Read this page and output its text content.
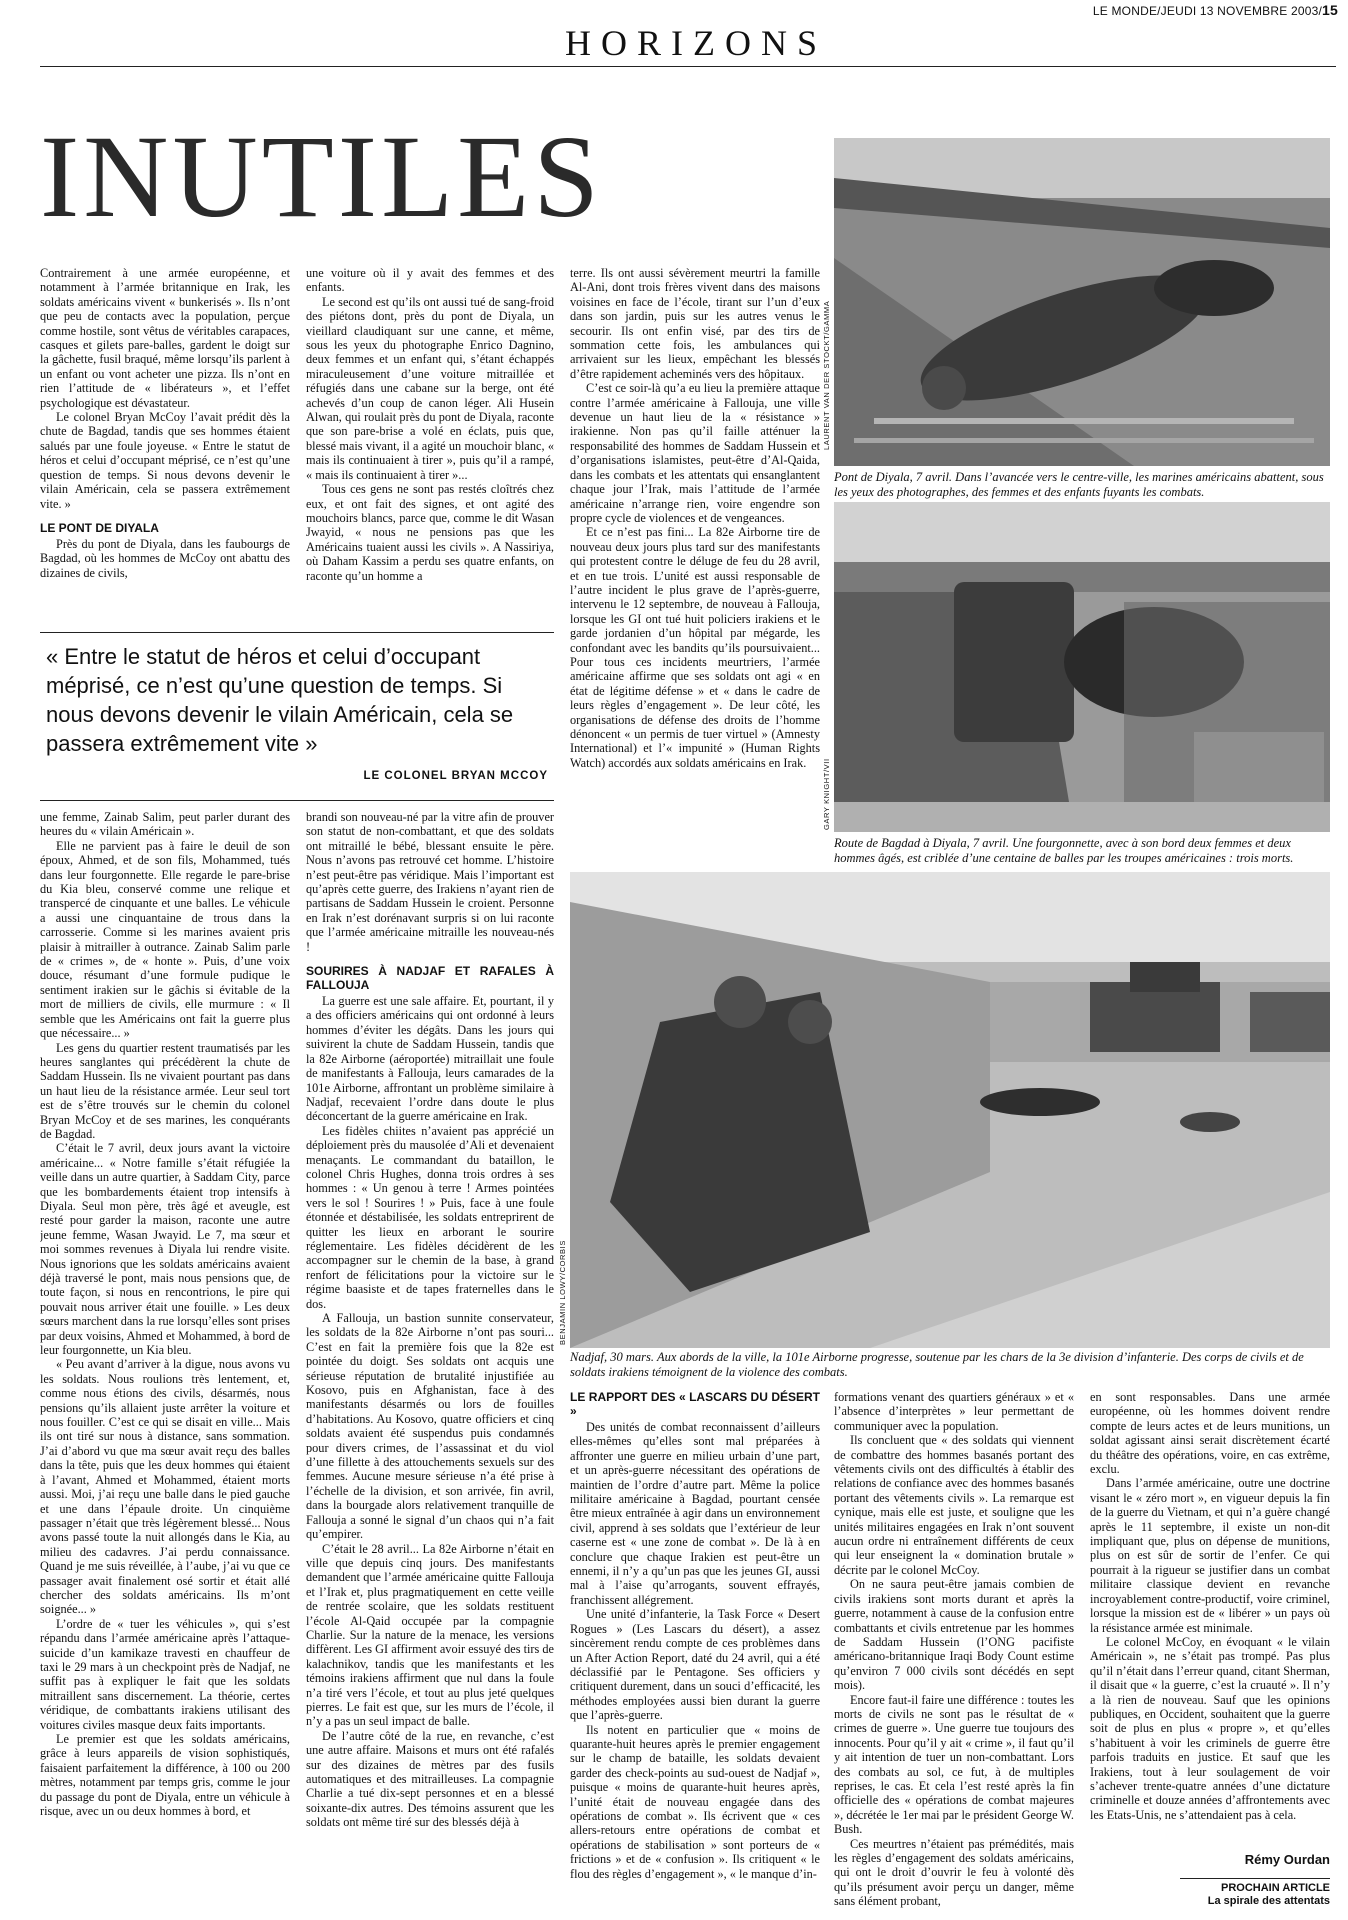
LE MONDE/JEUDI 13 NOVEMBRE 2003/15
HORIZONS
INUTILES

Contrairement à une armée européenne, et notamment à l’armée britannique en Irak, les soldats américains vivent « bunkerisés ». Ils n’ont que peu de contacts avec la population, perçue comme hostile, sont vêtus de véritables carapaces, casques et gilets pare-balles, gardent le doigt sur la gâchette, fusil braqué, même lorsqu’ils parlent à un enfant ou vont acheter une pizza. Ils n’ont en rien l’attitude de « libérateurs », et l’effet psychologique est dévastateur.

Le colonel Bryan McCoy l’avait prédit dès la chute de Bagdad, tandis que ses hommes étaient salués par une foule joyeuse. « Entre le statut de héros et celui d’occupant méprisé, ce n’est qu’une question de temps. Si nous devons devenir le vilain Américain, cela se passera extrêmement vite. »

LE PONT DE DIYALA

Près du pont de Diyala, dans les faubourgs de Bagdad, où les hommes de McCoy ont abattu des dizaines de civils,

une voiture où il y avait des femmes et des enfants.

Le second est qu’ils ont aussi tué de sang-froid des piétons dont, près du pont de Diyala, un vieillard claudiquant sur une canne, et même, sous les yeux du photographe Enrico Dagnino, deux femmes et un enfant qui, s’étant échappés miraculeusement d’une voiture mitraillée et réfugiés dans une cabane sur la berge, ont été achevés d’un coup de canon léger. Ali Husein Alwan, qui roulait près du pont de Diyala, raconte que son pare-brise a volé en éclats, puis que, blessé mais vivant, il a agité un mouchoir blanc, « mais ils continuaient à tirer », puis qu’il a rampé, « mais ils continuaient à tirer »...

Tous ces gens ne sont pas restés cloîtrés chez eux, et ont fait des signes, et ont agité des mouchoirs blancs, parce que, comme le dit Wasan Jwayid, « nous ne pensions pas que les Américains tuaient aussi les civils ». A Nassiriya, où Daham Kassim a perdu ses quatre enfants, on raconte qu’un homme a

terre. Ils ont aussi sévèrement meurtri la famille Al-Ani, dont trois frères vivent dans des maisons voisines en face de l’école, tirant sur l’un d’eux dans son jardin, puis sur les autres venus le secourir. Ils ont enfin visé, par des tirs de sommation cette fois, les ambulances qui arrivaient sur les lieux, empêchant les blessés d’être rapidement acheminés vers des hôpitaux.

C’est ce soir-là qu’a eu lieu la première attaque contre l’armée américaine à Fallouja, une ville devenue un haut lieu de la « résistance » irakienne. Non pas qu’il faille atténuer la responsabilité des hommes de Saddam Hussein et d’organisations islamistes, peut-être d’Al-Qaida, dans les combats et les attentats qui ensanglantent chaque jour l’Irak, mais l’attitude de l’armée américaine n’arrange rien, voire engendre son propre cycle de violences et de vengeances.

Et ce n’est pas fini... La 82e Airborne tire de nouveau deux jours plus tard sur des manifestants qui protestent contre le déluge de feu du 28 avril, et en tue trois. L’unité est aussi responsable de l’autre incident le plus grave de l’après-guerre, intervenu le 12 septembre, de nouveau à Fallouja, lorsque les GI ont tué huit policiers irakiens et le garde jordanien d’un hôpital par mégarde, les confondant avec les bandits qu’ils poursuivaient... Pour tous ces incidents meurtriers, l’armée américaine affirme que ses soldats ont agi « en état de légitime défense » et « dans le cadre de leurs règles d’engagement ». De leur côté, les organisations de défense des droits de l’homme dénoncent « un permis de tuer virtuel » (Amnesty International) et l’« impunité » (Human Rights Watch) accordés aux soldats américains en Irak.

« Entre le statut de héros et celui d’occupant méprisé, ce n’est qu’une question de temps. Si nous devons devenir le vilain Américain, cela se passera extrêmement vite »
LE COLONEL BRYAN MCCOY
LAURENT VAN DER STOCKT/GAMMA
Pont de Diyala, 7 avril. Dans l’avancée vers le centre-ville, les marines américains abattent, sous les yeux des photographes, des femmes et des enfants fuyants les combats.
GARY KNIGHT/VII
Route de Bagdad à Diyala, 7 avril. Une fourgonnette, avec à son bord deux femmes et deux hommes âgés, est criblée d’une centaine de balles par les troupes américaines : trois morts.
BENJAMIN LOWY/CORBIS
Nadjaf, 30 mars. Aux abords de la ville, la 101e Airborne progresse, soutenue par les chars de la 3e division d’infanterie. Des corps de civils et de soldats irakiens témoignent de la violence des combats.

une femme, Zainab Salim, peut parler durant des heures du « vilain Américain ».

Elle ne parvient pas à faire le deuil de son époux, Ahmed, et de son fils, Mohammed, tués dans leur fourgonnette. Elle regarde le pare-brise du Kia bleu, conservé comme une relique et transpercé de cinquante et une balles. Le véhicule a aussi une cinquantaine de trous dans la carrosserie. Comme si les marines avaient pris plaisir à mitrailler à outrance. Zainab Salim parle de « crimes », de « honte ». Puis, d’une voix douce, résumant d’une formule pudique le sentiment irakien sur le gâchis si évitable de la mort de milliers de civils, elle murmure : « Il semble que les Américains ont fait la guerre plus que nécessaire... »

Les gens du quartier restent traumatisés par les heures sanglantes qui précédèrent la chute de Saddam Hussein. Ils ne vivaient pourtant pas dans un haut lieu de la résistance armée. Leur seul tort est de s’être trouvés sur le chemin du colonel Bryan McCoy et de ses marines, les conquérants de Bagdad.

C’était le 7 avril, deux jours avant la victoire américaine... « Notre famille s’était réfugiée la veille dans un autre quartier, à Saddam City, parce que les bombardements étaient trop intensifs à Diyala. Seul mon père, très âgé et aveugle, est resté pour garder la maison, raconte une autre jeune femme, Wasan Jwayid. Le 7, ma sœur et moi sommes revenues à Diyala lui rendre visite. Nous ignorions que les soldats américains avaient déjà traversé le pont, mais nous pensions que, de toute façon, si nous en rencontrions, le pire qui pouvait nous arriver était une fouille. » Les deux sœurs marchent dans la rue lorsqu’elles sont prises par deux voisins, Ahmed et Mohammed, à bord de leur fourgonnette, un Kia bleu.

« Peu avant d’arriver à la digue, nous avons vu les soldats. Nous roulions très lentement, et, comme nous étions des civils, désarmés, nous pensions qu’ils allaient juste arrêter la voiture et nous fouiller. C’est ce qui se disait en ville... Mais ils ont tiré sur nous à distance, sans sommation. J’ai d’abord vu que ma sœur avait reçu des balles dans la tête, puis que les deux hommes qui étaient à l’avant, Ahmed et Mohammed, étaient morts aussi. Moi, j’ai reçu une balle dans le pied gauche et une dans l’épaule droite. Un cinquième passager n’était que très légèrement blessé... Nous avons passé toute la nuit allongés dans le Kia, au milieu des cadavres. J’ai perdu connaissance. Quand je me suis réveillée, à l’aube, j’ai vu que ce passager avait finalement osé sortir et était allé chercher des soldats américains. Ils m’ont soignée... »

L’ordre de « tuer les véhicules », qui s’est répandu dans l’armée américaine après l’attaque-suicide d’un kamikaze travesti en chauffeur de taxi le 29 mars à un checkpoint près de Nadjaf, ne suffit pas à expliquer le fait que les soldats mitraillent sans discernement. La théorie, certes véridique, de combattants irakiens utilisant des voitures civiles masque deux faits importants.

Le premier est que les soldats américains, grâce à leurs appareils de vision sophistiqués, faisaient parfaitement la différence, à 100 ou 200 mètres, notamment par temps gris, comme le jour du passage du pont de Diyala, entre un véhicule à risque, avec un ou deux hommes à bord, et

brandi son nouveau-né par la vitre afin de prouver son statut de non-combattant, et que des soldats ont mitraillé le bébé, blessant ensuite le père. Nous n’avons pas retrouvé cet homme. L’histoire n’est peut-être pas véridique. Mais l’important est qu’après cette guerre, des Irakiens n’ayant rien de partisans de Saddam Hussein le croient. Personne en Irak n’est dorénavant surpris si on lui raconte que l’armée américaine mitraille les nouveau-nés !

SOURIRES À NADJAF ET RAFALES À FALLOUJA

La guerre est une sale affaire. Et, pourtant, il y a des officiers américains qui ont ordonné à leurs hommes d’éviter les dégâts. Dans les jours qui suivirent la chute de Saddam Hussein, tandis que la 82e Airborne (aéroportée) mitraillait une foule de manifestants à Fallouja, leurs camarades de la 101e Airborne, affrontant un problème similaire à Nadjaf, recevaient l’ordre dans doute le plus déconcertant de la guerre américaine en Irak.

Les fidèles chiites n’avaient pas apprécié un déploiement près du mausolée d’Ali et devenaient menaçants. Le commandant du bataillon, le colonel Chris Hughes, donna trois ordres à ses hommes : « Un genou à terre ! Armes pointées vers le sol ! Sourires ! » Puis, face à une foule étonnée et déstabilisée, les soldats entreprirent de quitter les lieux en arborant le sourire réglementaire. Les fidèles décidèrent de les accompagner sur le chemin de la base, à grand renfort de félicitations pour la victoire sur le régime baasiste et de tapes fraternelles dans le dos.

A Fallouja, un bastion sunnite conservateur, les soldats de la 82e Airborne n’ont pas souri... C’est en fait la première fois que la 82e est pointée du doigt. Ses soldats ont acquis une sérieuse réputation de brutalité injustifiée au Kosovo, puis en Afghanistan, face à des manifestants désarmés ou lors de fouilles d’habitations. Au Kosovo, quatre officiers et cinq soldats avaient été suspendus puis condamnés pour divers crimes, de l’assassinat et du viol d’une fillette à des attouchements sexuels sur des femmes. Aucune mesure sérieuse n’a été prise à l’échelle de la division, et son arrivée, fin avril, dans la bourgade alors relativement tranquille de Fallouja a sonné le signal d’un chaos qui n’a fait qu’empirer.

C’était le 28 avril... La 82e Airborne n’était en ville que depuis cinq jours. Des manifestants demandent que l’armée américaine quitte Fallouja et l’Irak et, plus pragmatiquement en cette veille de rentrée scolaire, que les soldats restituent l’école Al-Qaid occupée par la compagnie Charlie. Sur la nature de la menace, les versions diffèrent. Les GI affirment avoir essuyé des tirs de kalachnikov, tandis que les manifestants et les témoins irakiens affirment que nul dans la foule n’a tiré vers l’école, et tout au plus jeté quelques pierres. Le fait est que, sur les murs de l’école, il n’y a pas un seul impact de balle.

De l’autre côté de la rue, en revanche, c’est une autre affaire. Maisons et murs ont été rafalés sur des dizaines de mètres par des fusils automatiques et des mitrailleuses. La compagnie Charlie a tué dix-sept personnes et en a blessé soixante-dix autres. Des témoins assurent que les soldats ont même tiré sur des blessés déjà à

LE RAPPORT DES « LASCARS DU DÉSERT »

Des unités de combat reconnaissent d’ailleurs elles-mêmes qu’elles sont mal préparées à affronter une guerre en milieu urbain d’une part, et un après-guerre nécessitant des opérations de maintien de l’ordre d’autre part. Même la police militaire américaine à Bagdad, pourtant censée être mieux entraînée à agir dans un environnement civil, apprend à ses soldats que l’extérieur de leur caserne est « une zone de combat ». De là à en conclure que chaque Irakien est peut-être un ennemi, il n’y a qu’un pas que les jeunes GI, aussi mal à l’aise qu’arrogants, souvent effrayés, franchissent allégrement.

Une unité d’infanterie, la Task Force « Desert Rogues » (Les Lascars du désert), a assez sincèrement rendu compte de ces problèmes dans un After Action Report, daté du 24 avril, qui a été déclassifié par le Pentagone. Ses officiers y critiquent durement, dans un souci d’efficacité, les méthodes employées aussi bien durant la guerre que l’après-guerre.

Ils notent en particulier que « moins de quarante-huit heures après le premier engagement sur le champ de bataille, les soldats devaient garder des check-points au sud-ouest de Nadjaf », puisque « moins de quarante-huit heures après, l’unité était de nouveau engagée dans des opérations de combat ». Ils écrivent que « ces allers-retours entre opérations de combat et opérations de stabilisation » sont porteurs de « frictions » et de « confusion ». Ils critiquent « le flou des règles d’engagement », « le manque d’in-

formations venant des quartiers généraux » et « l’absence d’interprètes » leur permettant de communiquer avec la population.

Ils concluent que « des soldats qui viennent de combattre des hommes basanés portant des vêtements civils ont des difficultés à établir des relations de confiance avec des hommes basanés portant des vêtements civils ». La remarque est cynique, mais elle est juste, et souligne que les unités militaires engagées en Irak n’ont souvent aucun ordre ni entraînement différents de ceux qui leur enseignent la « domination brutale » décrite par le colonel McCoy.

On ne saura peut-être jamais combien de civils irakiens sont morts durant et après la guerre, notamment à cause de la confusion entre combattants et civils entretenue par les hommes de Saddam Hussein (l’ONG pacifiste américano-britannique Iraqi Body Count estime qu’environ 7 000 civils sont décédés en sept mois).

Encore faut-il faire une différence : toutes les morts de civils ne sont pas le résultat de « crimes de guerre ». Une guerre tue toujours des innocents. Pour qu’il y ait « crime », il faut qu’il y ait intention de tuer un non-combattant. Lors des combats au sol, ce fut, à de multiples reprises, le cas. Et cela l’est resté après la fin officielle des « opérations de combat majeures », décrétée le 1er mai par le président George W. Bush.

Ces meurtres n’étaient pas prémédités, mais les règles d’engagement des soldats américains, qui ont le droit d’ouvrir le feu à volonté dès qu’ils présument avoir perçu un danger, même sans élément probant,

en sont responsables. Dans une armée européenne, où les hommes doivent rendre compte de leurs actes et de leurs munitions, un soldat agissant ainsi serait discrètement écarté du théâtre des opérations, voire, en cas extrême, exclu.

Dans l’armée américaine, outre une doctrine visant le « zéro mort », en vigueur depuis la fin de la guerre du Vietnam, et qui n’a guère changé après le 11 septembre, il existe un non-dit impliquant que, plus on dépense de munitions, plus on est sûr de sortir de l’enfer. Ce qui pourrait à la rigueur se justifier dans un combat militaire classique devient en revanche incroyablement contre-productif, voire criminel, lorsque la mission est de « libérer » un pays où la résistance armée est minimale.

Le colonel McCoy, en évoquant « le vilain Américain », ne s’était pas trompé. Pas plus qu’il n’était dans l’erreur quand, citant Sherman, il disait que « la guerre, c’est la cruauté ». Il n’y a là rien de nouveau. Sauf que les opinions publiques, en Occident, souhaitent que la guerre soit de plus en plus « propre », et qu’elles s’habituent à voir les criminels de guerre être parfois traduits en justice. Et sauf que les Irakiens, tout à leur soulagement de voir s’achever trente-quatre années d’une dictature criminelle et douze années d’affrontements avec les Etats-Unis, ne s’attendaient pas à cela.

Rémy Ourdan
PROCHAIN ARTICLE
La spirale des attentats
